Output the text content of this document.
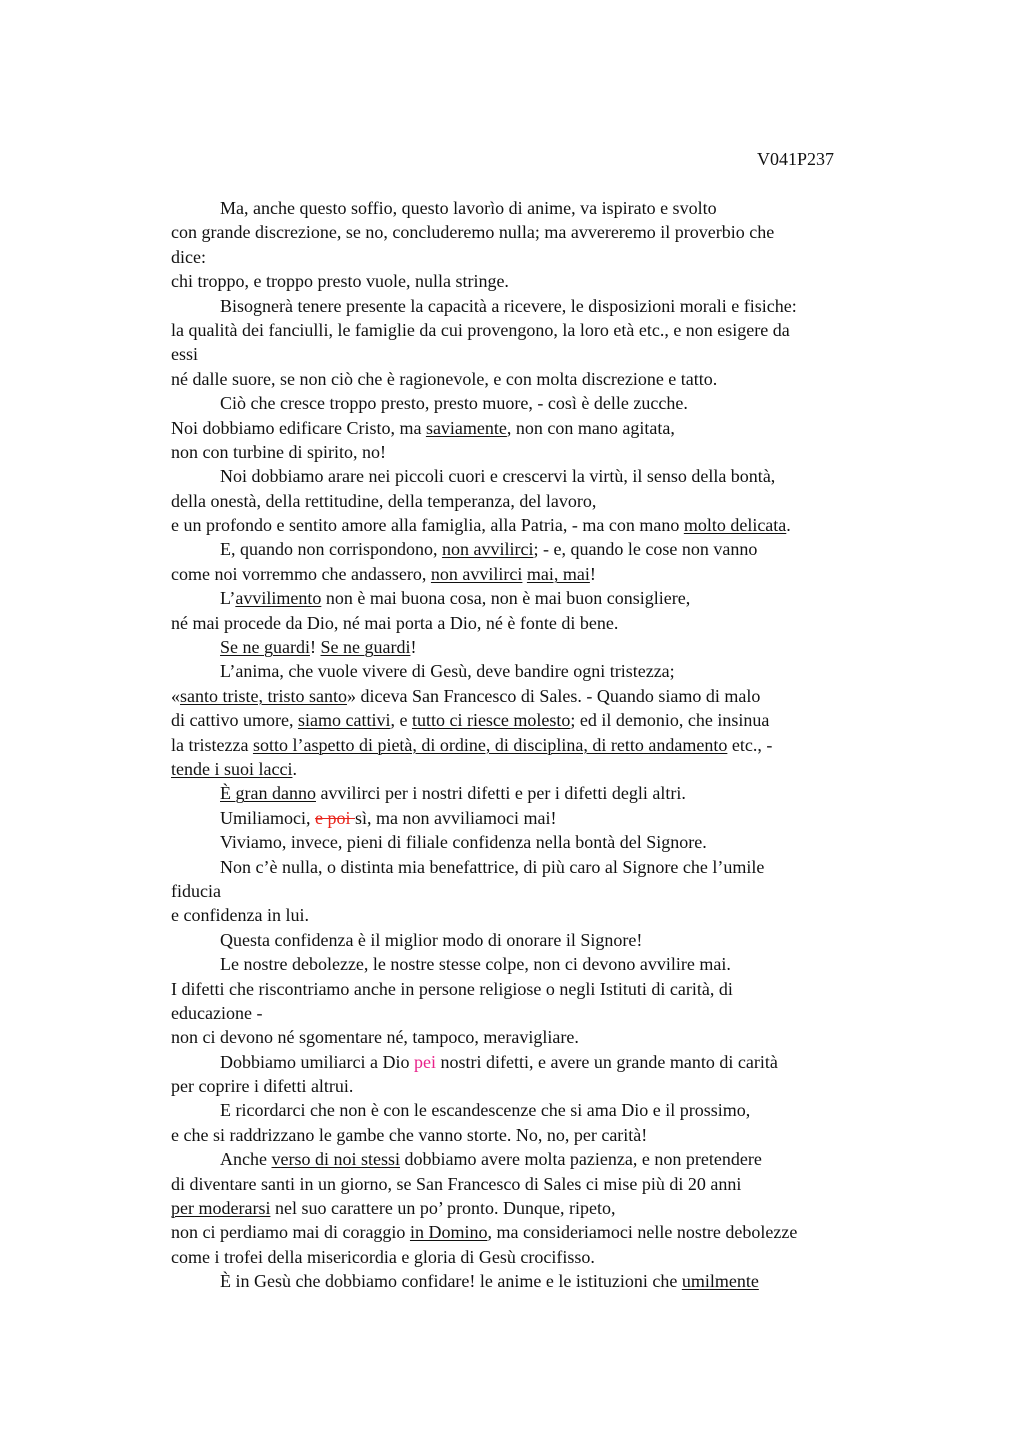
V041P237
Ma, anche questo soffio, questo lavorìo di anime, va ispirato e svolto
con grande discrezione, se no, concluderemo nulla; ma avvereremo il proverbio che
dice:
chi troppo, e troppo presto vuole, nulla stringe.
Bisognerà tenere presente la capacità a ricevere, le disposizioni morali e fisiche:
la qualità dei fanciulli, le famiglie da cui provengono, la loro età etc., e non esigere da
essi
né dalle suore, se non ciò che è ragionevole, e con molta discrezione e tatto.
Ciò che cresce troppo presto, presto muore, - così è delle zucche.
Noi dobbiamo edificare Cristo, ma saviamente, non con mano agitata,
non con turbine di spirito, no!
Noi dobbiamo arare nei piccoli cuori e crescervi la virtù, il senso della bontà,
della onestà, della rettitudine, della temperanza, del lavoro,
e un profondo e sentito amore alla famiglia, alla Patria, - ma con mano molto delicata.
E, quando non corrispondono, non avvilirci; - e, quando le cose non vanno
come noi vorremmo che andassero, non avvilirci mai, mai!
L’avvilimento non è mai buona cosa, non è mai buon consigliere,
né mai procede da Dio, né mai porta a Dio, né è fonte di bene.
Se ne guardi! Se ne guardi!
L’anima, che vuole vivere di Gesù, deve bandire ogni tristezza;
«santo triste, tristo santo» diceva San Francesco di Sales. - Quando siamo di malo
di cattivo umore, siamo cattivi, e tutto ci riesce molesto; ed il demonio, che insinua
la tristezza sotto l’aspetto di pietà, di ordine, di disciplina, di retto andamento etc., -
tende i suoi lacci.
È gran danno avvilirci per i nostri difetti e per i difetti degli altri.
Umiliamoci, e poi sì, ma non avviliamoci mai!
Viviamo, invece, pieni di filiale confidenza nella bontà del Signore.
Non c’è nulla, o distinta mia benefattrice, di più caro al Signore che l’umile
fiducia
e confidenza in lui.
Questa confidenza è il miglior modo di onorare il Signore!
Le nostre debolezze, le nostre stesse colpe, non ci devono avvilire mai.
I difetti che riscontriamo anche in persone religiose o negli Istituti di carità, di
educazione -
non ci devono né sgomentare né, tampoco, meravigliare.
Dobbiamo umiliarci a Dio pei nostri difetti, e avere un grande manto di carità
per coprire i difetti altrui.
E ricordarci che non è con le escandescenze che si ama Dio e il prossimo,
e che si raddrizzano le gambe che vanno storte. No, no, per carità!
Anche verso di noi stessi dobbiamo avere molta pazienza, e non pretendere
di diventare santi in un giorno, se San Francesco di Sales ci mise più di 20 anni
per moderarsi nel suo carattere un po’ pronto. Dunque, ripeto,
non ci perdiamo mai di coraggio in Domino, ma consideriamoci nelle nostre debolezze
come i trofei della misericordia e gloria di Gesù crocifisso.
È in Gesù che dobbiamo confidare! le anime e le istituzioni che umilmente
